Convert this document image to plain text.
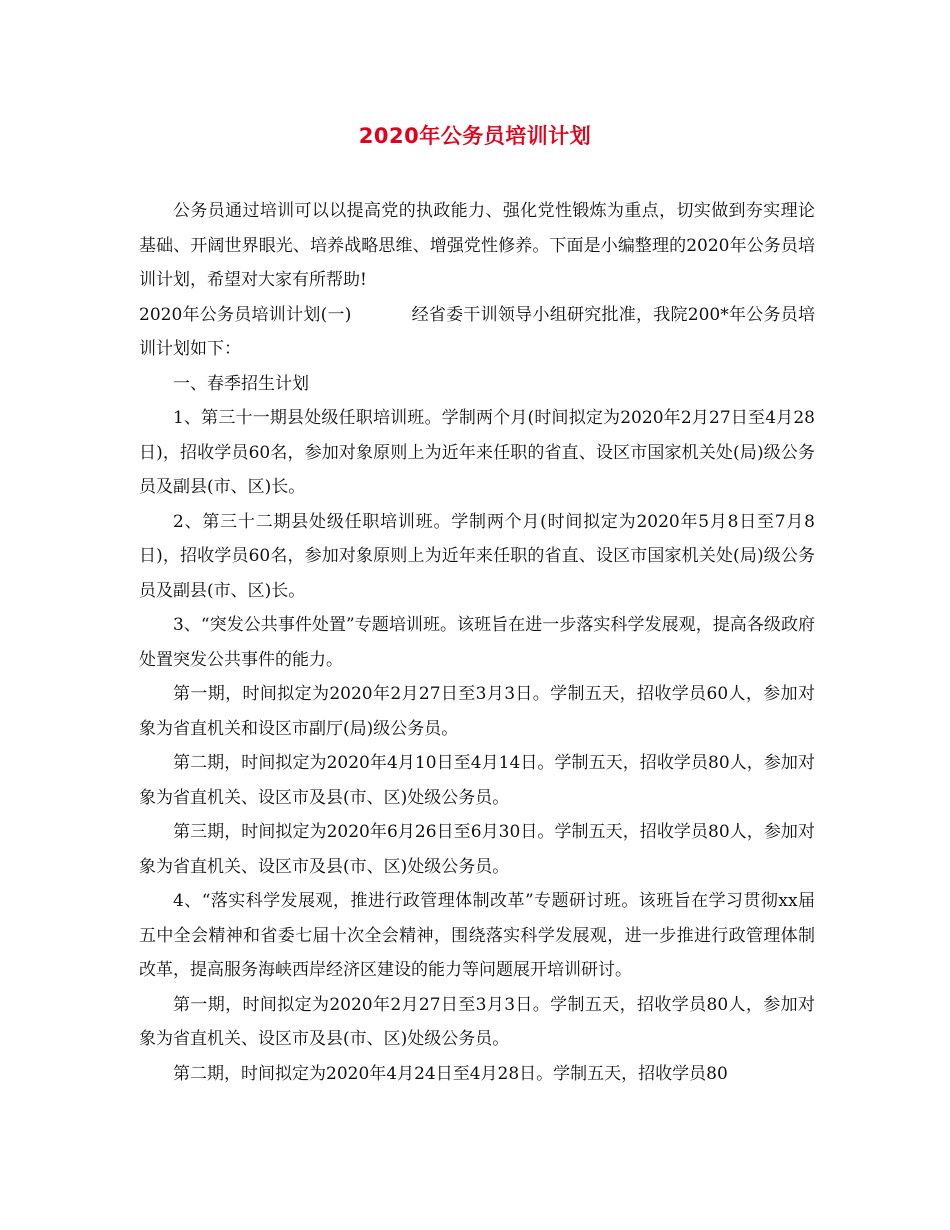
2020年公务员培训计划

公务员通过培训可以以提高党的执政能力、强化党性锻炼为重点，切实做到夯实理论基础、开阔世界眼光、培养战略思维、增强党性修养。下面是小编整理的2020年公务员培训计划，希望对大家有所帮助!

2020年公务员培训计划(一)	经省委干训领导小组研究批准，我院200*年公务员培训计划如下：

一、春季招生计划

1、第三十一期县处级任职培训班。学制两个月(时间拟定为2020年2月27日至4月28日)，招收学员60名，参加对象原则上为近年来任职的省直、设区市国家机关处(局)级公务员及副县(市、区)长。

2、第三十二期县处级任职培训班。学制两个月(时间拟定为2020年5月8日至7月8日)，招收学员60名，参加对象原则上为近年来任职的省直、设区市国家机关处(局)级公务员及副县(市、区)长。

3、“突发公共事件处置”专题培训班。该班旨在进一步落实科学发展观，提高各级政府处置突发公共事件的能力。

第一期，时间拟定为2020年2月27日至3月3日。学制五天，招收学员60人，参加对象为省直机关和设区市副厅(局)级公务员。

第二期，时间拟定为2020年4月10日至4月14日。学制五天，招收学员80人，参加对象为省直机关、设区市及县(市、区)处级公务员。

第三期，时间拟定为2020年6月26日至6月30日。学制五天，招收学员80人，参加对象为省直机关、设区市及县(市、区)处级公务员。

4、“落实科学发展观，推进行政管理体制改革”专题研讨班。该班旨在学习贯彻xx届五中全会精神和省委七届十次全会精神，围绕落实科学发展观，进一步推进行政管理体制改革，提高服务海峡西岸经济区建设的能力等问题展开培训研讨。

第一期，时间拟定为2020年2月27日至3月3日。学制五天，招收学员80人，参加对象为省直机关、设区市及县(市、区)处级公务员。

第二期，时间拟定为2020年4月24日至4月28日。学制五天，招收学员80
